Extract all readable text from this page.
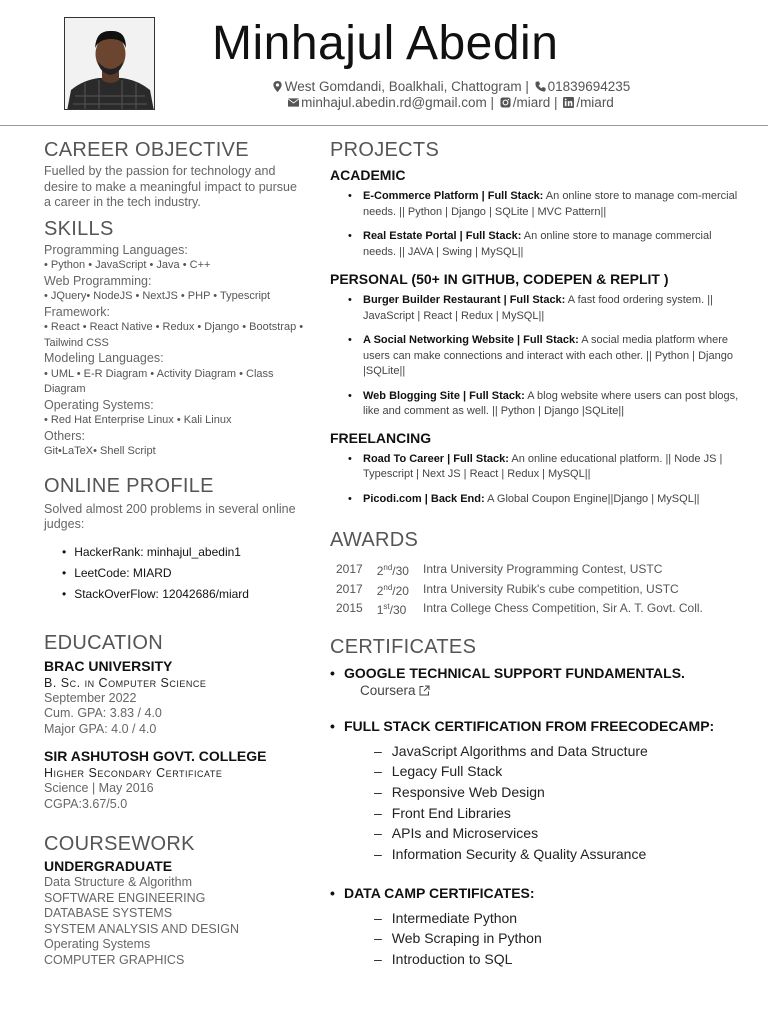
Minhajul Abedin
West Gomdandi, Boalkhali, Chattogram | 01839694235
minhajul.abedin.rd@gmail.com | /miard | /miard
CAREER OBJECTIVE
Fuelled by the passion for technology and desire to make a meaningful impact to pursue a career in the tech industry.
SKILLS
Programming Languages:
• Python • JavaScript • Java • C++
Web Programming:
• JQuery• NodeJS • NextJS • PHP • Typescript
Framework:
• React • React Native • Redux • Django • Bootstrap • Tailwind CSS
Modeling Languages:
• UML • E-R Diagram • Activity Diagram • Class Diagram
Operating Systems:
• Red Hat Enterprise Linux • Kali Linux
Others:
Git•LaTeX• Shell Script
ONLINE PROFILE
Solved almost 200 problems in several online judges:
• HackerRank: minhajul_abedin1
• LeetCode: MIARD
• StackOverFlow: 12042686/miard
EDUCATION
BRAC UNIVERSITY
B. Sc. in Computer Science
September 2022
Cum. GPA: 3.83 / 4.0
Major GPA: 4.0 / 4.0
SIR ASHUTOSH GOVT. COLLEGE
Higher Secondary Certificate
Science | May 2016
CGPA:3.67/5.0
COURSEWORK
UNDERGRADUATE
Data Structure & Algorithm
SOFTWARE ENGINEERING
DATABASE SYSTEMS
SYSTEM ANALYSIS AND DESIGN
Operating Systems
COMPUTER GRAPHICS
PROJECTS
ACADEMIC
• E-Commerce Platform | Full Stack: An online store to manage com-mercial needs. || Python | Django | SQLite | MVC Pattern||
• Real Estate Portal | Full Stack: An online store to manage commercial needs. || JAVA | Swing | MySQL||
PERSONAL (50+ IN GITHUB, CODEPEN & REPLIT )
• Burger Builder Restaurant | Full Stack: A fast food ordering system. || JavaScript | React | Redux | MySQL||
• A Social Networking Website | Full Stack: A social media platform where users can make connections and interact with each other. || Python | Django |SQLite||
• Web Blogging Site | Full Stack: A blog website where users can post blogs, like and comment as well. || Python | Django |SQLite||
FREELANCING
• Road To Career | Full Stack: An online educational platform. || Node JS | Typescript | Next JS | React | Redux | MySQL||
• Picodi.com | Back End: A Global Coupon Engine||Django | MySQL||
AWARDS
2017	2nd/30	Intra University Programming Contest, USTC
2017	2nd/20	Intra University Rubik's cube competition, USTC
2015	1st/30	Intra College Chess Competition, Sir A. T. Govt. Coll.
CERTIFICATES
• GOOGLE TECHNICAL SUPPORT FUNDAMENTALS.
Coursera
• FULL STACK CERTIFICATION FROM FREECODECAMP:
– JavaScript Algorithms and Data Structure
– Legacy Full Stack
– Responsive Web Design
– Front End Libraries
– APIs and Microservices
– Information Security & Quality Assurance
• DATA CAMP CERTIFICATES:
– Intermediate Python
– Web Scraping in Python
– Introduction to SQL
